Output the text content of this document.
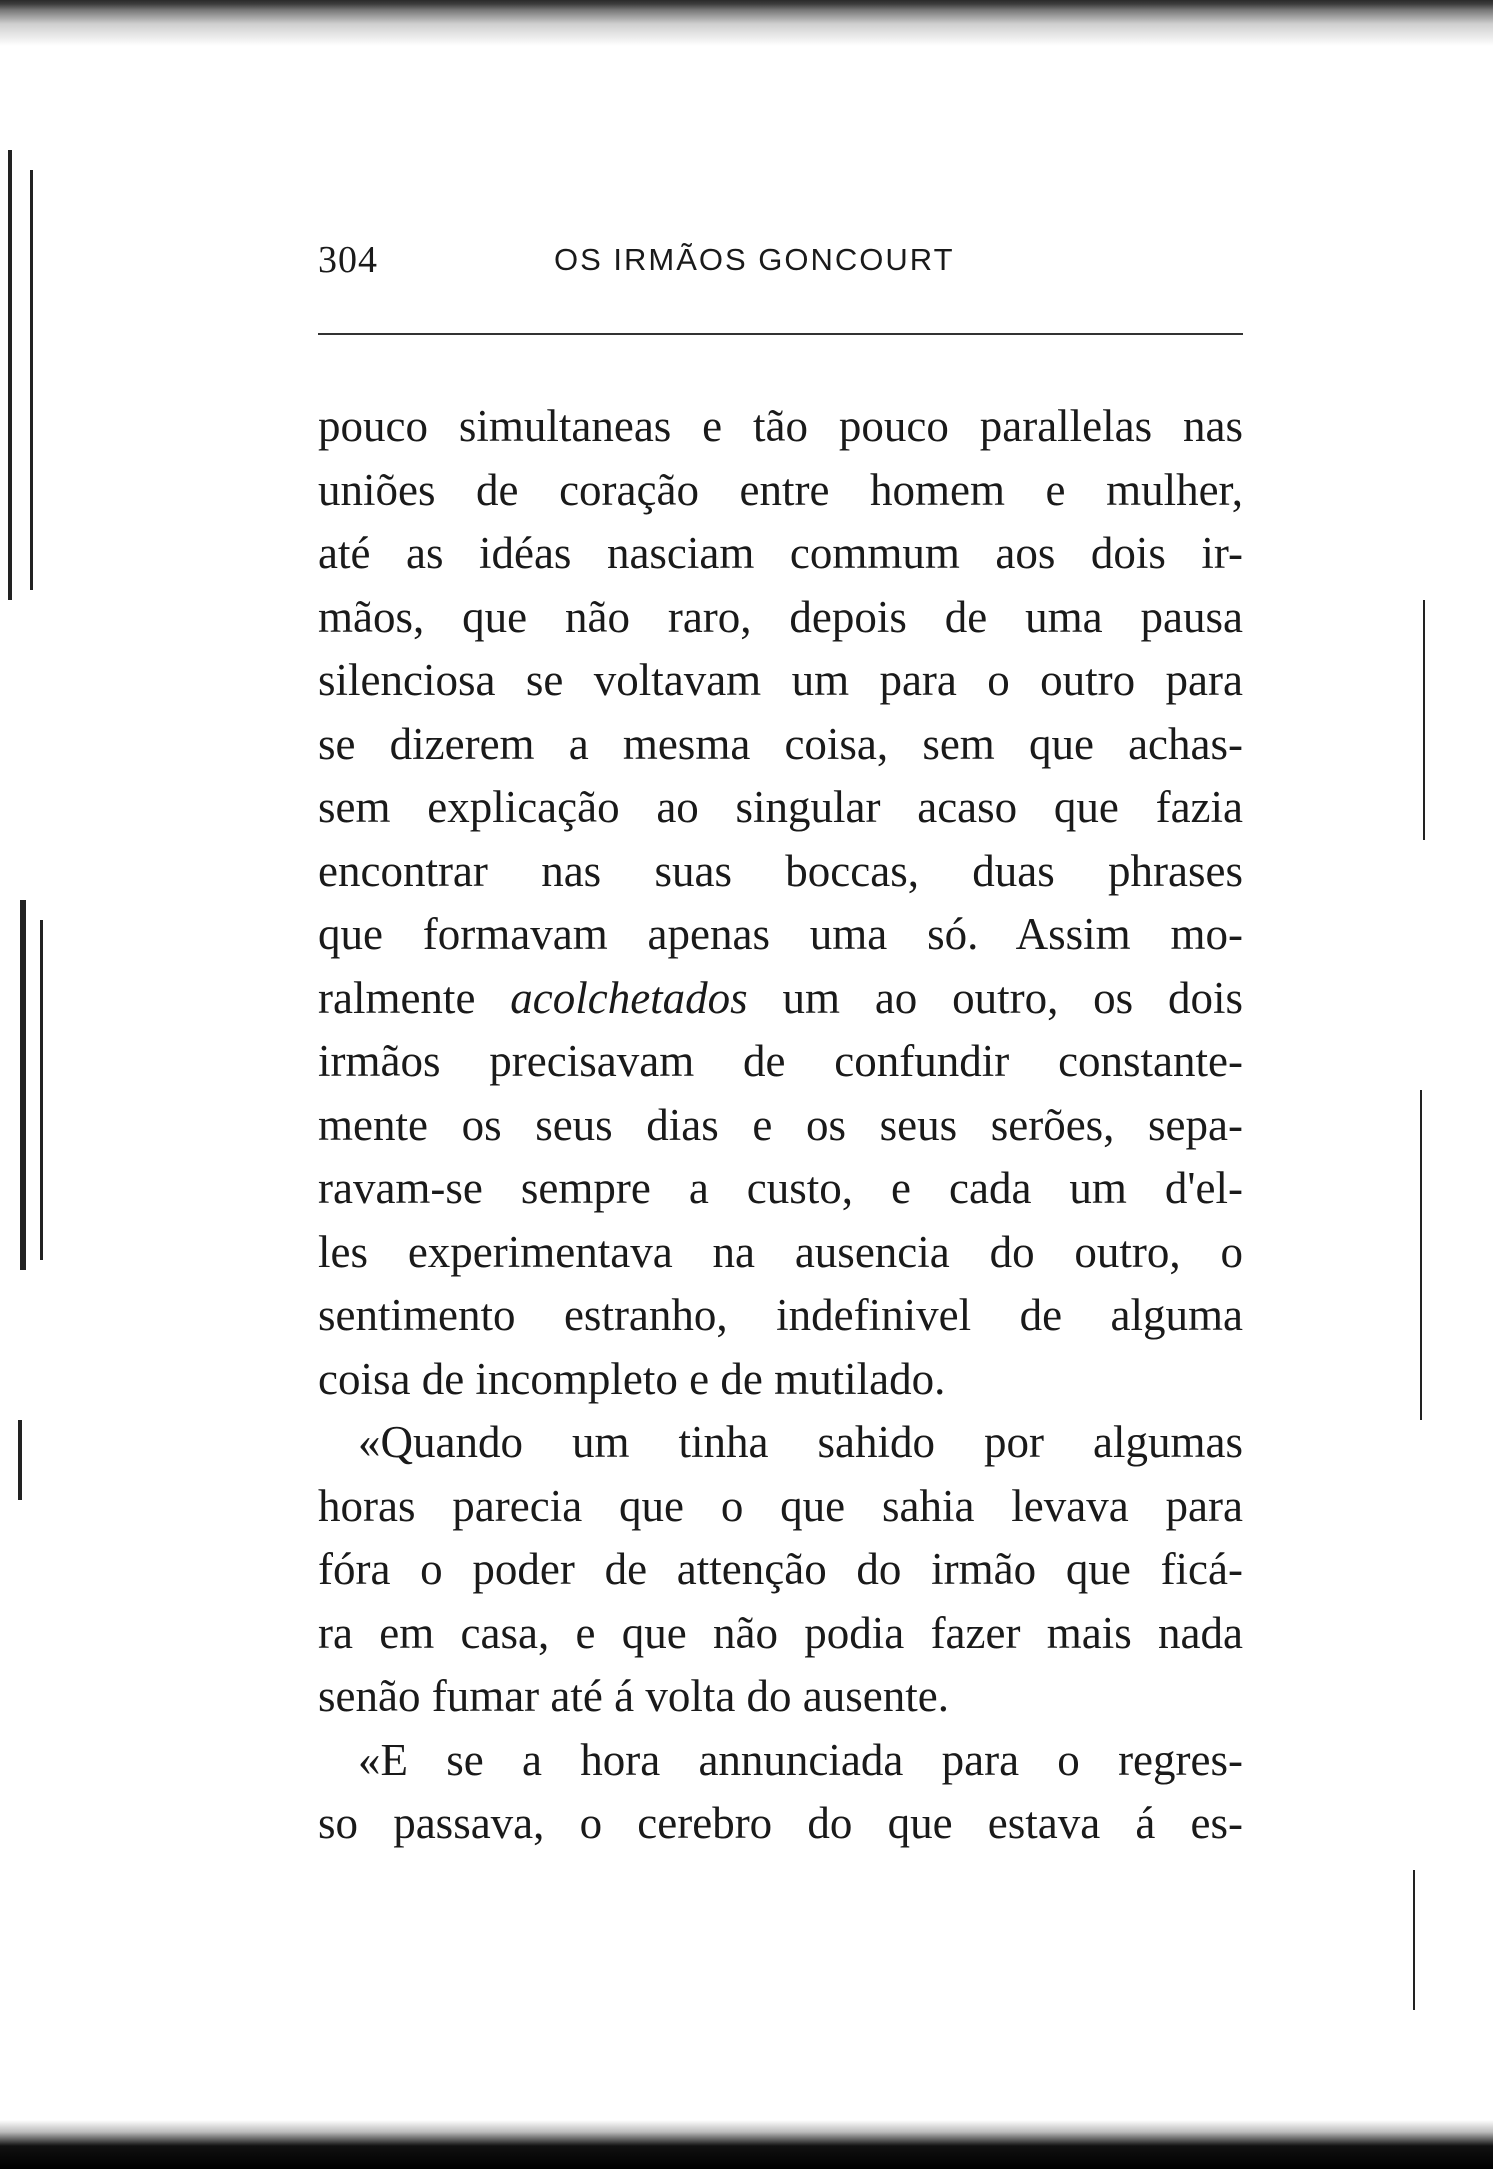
304	OS IRMÃOS GONCOURT
pouco simultaneas e tão pouco parallelas nas
uniões de coração entre homem e mulher,
até as idéas nasciam commum aos dois ir-
mãos, que não raro, depois de uma pausa
silenciosa se voltavam um para o outro para
se dizerem a mesma coisa, sem que achas-
sem explicação ao singular acaso que fazia
encontrar nas suas boccas, duas phrases
que formavam apenas uma só. Assim mo-
ralmente acolchetados um ao outro, os dois
irmãos precisavam de confundir constante-
mente os seus dias e os seus serões, sepa-
ravam-se sempre a custo, e cada um d'el-
les experimentava na ausencia do outro, o
sentimento estranho, indefinivel de alguma
coisa de incompleto e de mutilado.
«Quando um tinha sahido por algumas
horas parecia que o que sahia levava para
fóra o poder de attenção do irmão que ficá-
ra em casa, e que não podia fazer mais nada
senão fumar até á volta do ausente.
«E se a hora annunciada para o regres-
so passava, o cerebro do que estava á es-
